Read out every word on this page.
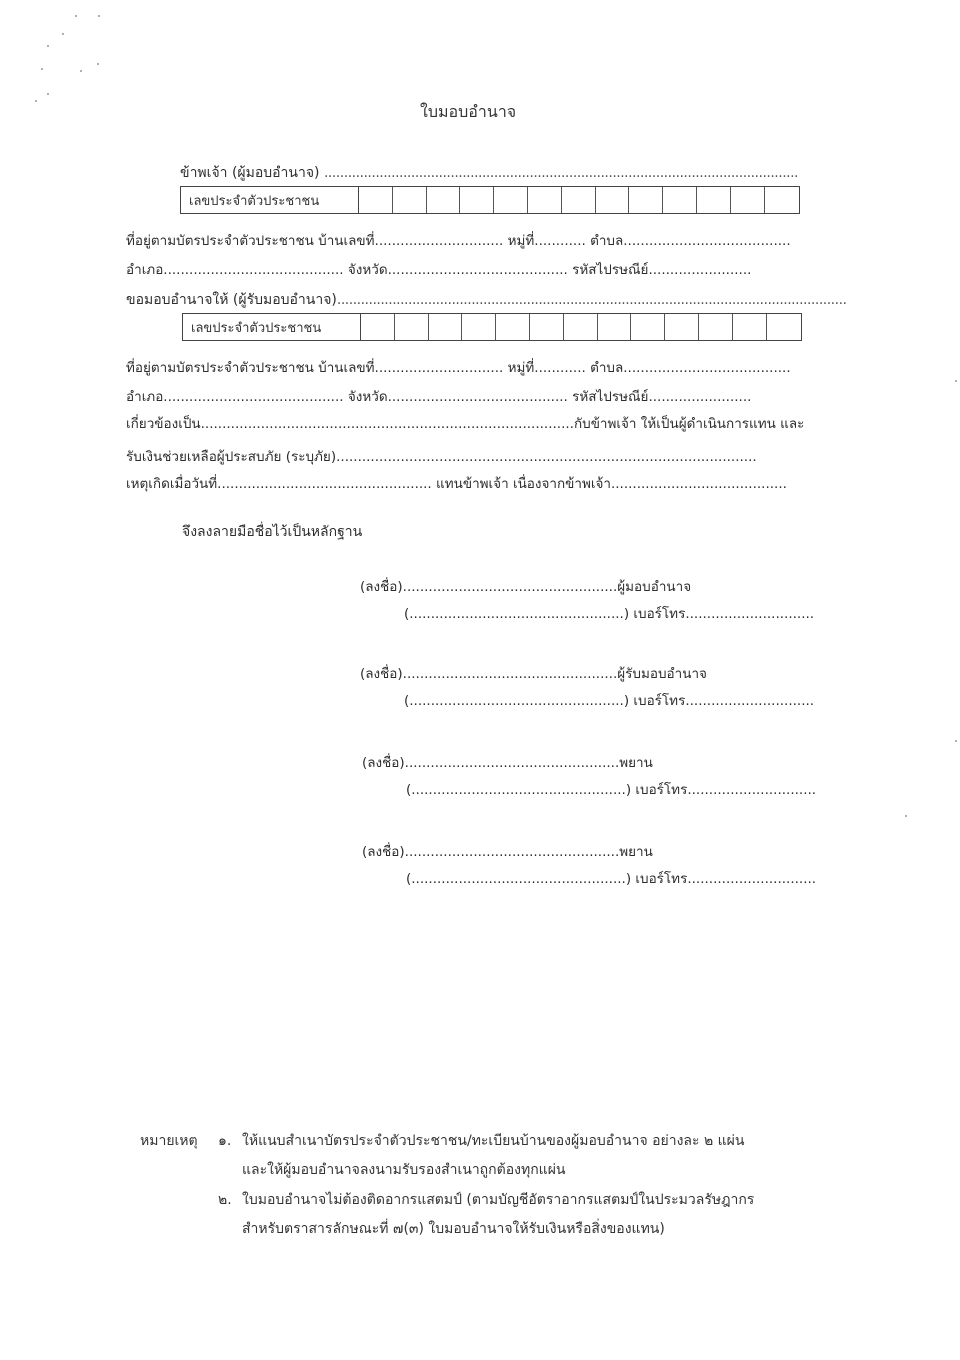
ใบมอบอำนาจ
ข้าพเจ้า (ผู้มอบอำนาจ) ........................................................................................................................
เลขประจำตัวประชาชน
ที่อยู่ตามบัตรประจำตัวประชาชน บ้านเลขที่.............................. หมู่ที่............ ตำบล.......................................
อำเภอ.......................................... จังหวัด.......................................... รหัสไปรษณีย์........................
ขอมอบอำนาจให้ (ผู้รับมอบอำนาจ).................................................................................................................................
เลขประจำตัวประชาชน
ที่อยู่ตามบัตรประจำตัวประชาชน บ้านเลขที่.............................. หมู่ที่............ ตำบล.......................................
อำเภอ.......................................... จังหวัด.......................................... รหัสไปรษณีย์........................
เกี่ยวข้องเป็น.......................................................................................กับข้าพเจ้า ให้เป็นผู้ดำเนินการแทน และ
รับเงินช่วยเหลือผู้ประสบภัย (ระบุภัย)..................................................................................................
เหตุเกิดเมื่อวันที่.................................................. แทนข้าพเจ้า เนื่องจากข้าพเจ้า.........................................
จึงลงลายมือชื่อไว้เป็นหลักฐาน
(ลงชื่อ)..................................................ผู้มอบอำนาจ
(..................................................) เบอร์โทร..............................
(ลงชื่อ)..................................................ผู้รับมอบอำนาจ
(..................................................) เบอร์โทร..............................
(ลงชื่อ)..................................................พยาน
(..................................................) เบอร์โทร..............................
(ลงชื่อ)..................................................พยาน
(..................................................) เบอร์โทร..............................
หมายเหตุ ๑. ให้แนบสำเนาบัตรประจำตัวประชาชน/ทะเบียนบ้านของผู้มอบอำนาจ อย่างละ ๒ แผ่น
และให้ผู้มอบอำนาจลงนามรับรองสำเนาถูกต้องทุกแผ่น
๒. ใบมอบอำนาจไม่ต้องติดอากรแสตมป์ (ตามบัญชีอัตราอากรแสตมป์ในประมวลรัษฎากร
สำหรับตราสารลักษณะที่ ๗(๓) ใบมอบอำนาจให้รับเงินหรือสิ่งของแทน)
